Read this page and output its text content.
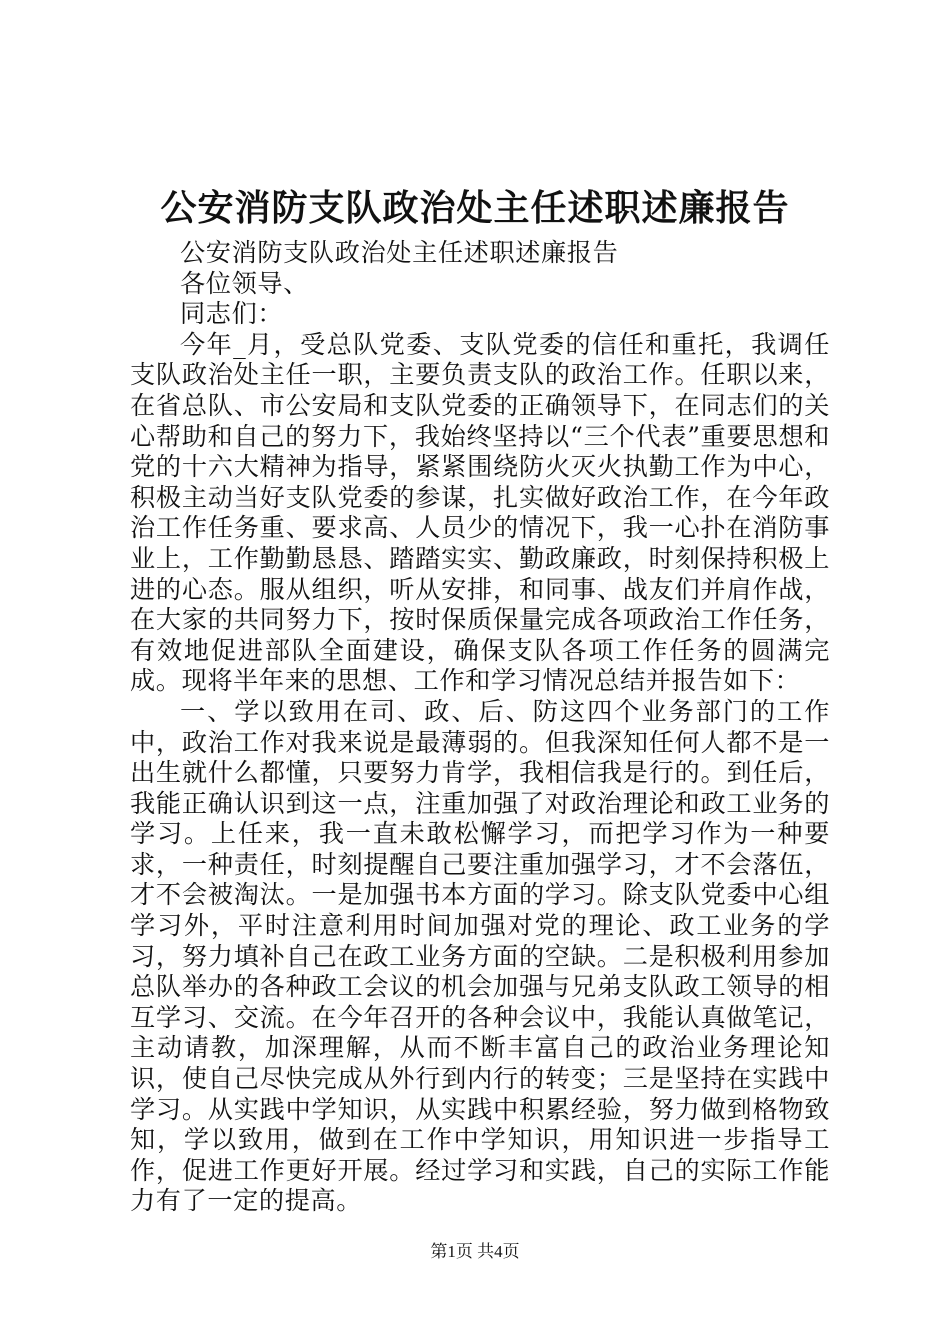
公安消防支队政治处主任述职述廉报告

公安消防支队政治处主任述职述廉报告

各位领导、

同志们：

今年_月，受总队党委、支队党委的信任和重托，我调任支队政治处主任一职，主要负责支队的政治工作。任职以来，在省总队、市公安局和支队党委的正确领导下，在同志们的关心帮助和自己的努力下，我始终坚持以“三个代表”重要思想和党的十六大精神为指导，紧紧围绕防火灭火执勤工作为中心，积极主动当好支队党委的参谋，扎实做好政治工作，在今年政治工作任务重、要求高、人员少的情况下，我一心扑在消防事业上，工作勤勤恳恳、踏踏实实、勤政廉政，时刻保持积极上进的心态。服从组织，听从安排，和同事、战友们并肩作战，在大家的共同努力下，按时保质保量完成各项政治工作任务，有效地促进部队全面建设，确保支队各项工作任务的圆满完成。现将半年来的思想、工作和学习情况总结并报告如下：

一、学以致用在司、政、后、防这四个业务部门的工作中，政治工作对我来说是最薄弱的。但我深知任何人都不是一出生就什么都懂，只要努力肯学，我相信我是行的。到任后，我能正确认识到这一点，注重加强了对政治理论和政工业务的学习。上任来，我一直未敢松懈学习，而把学习作为一种要求，一种责任，时刻提醒自己要注重加强学习，才不会落伍，才不会被淘汰。一是加强书本方面的学习。除支队党委中心组学习外，平时注意利用时间加强对党的理论、政工业务的学习，努力填补自己在政工业务方面的空缺。二是积极利用参加总队举办的各种政工会议的机会加强与兄弟支队政工领导的相互学习、交流。在今年召开的各种会议中，我能认真做笔记，主动请教，加深理解，从而不断丰富自己的政治业务理论知识，使自己尽快完成从外行到内行的转变；三是坚持在实践中学习。从实践中学知识，从实践中积累经验，努力做到格物致知，学以致用，做到在工作中学知识，用知识进一步指导工作，促进工作更好开展。经过学习和实践，自己的实际工作能力有了一定的提高。

第1页 共4页
